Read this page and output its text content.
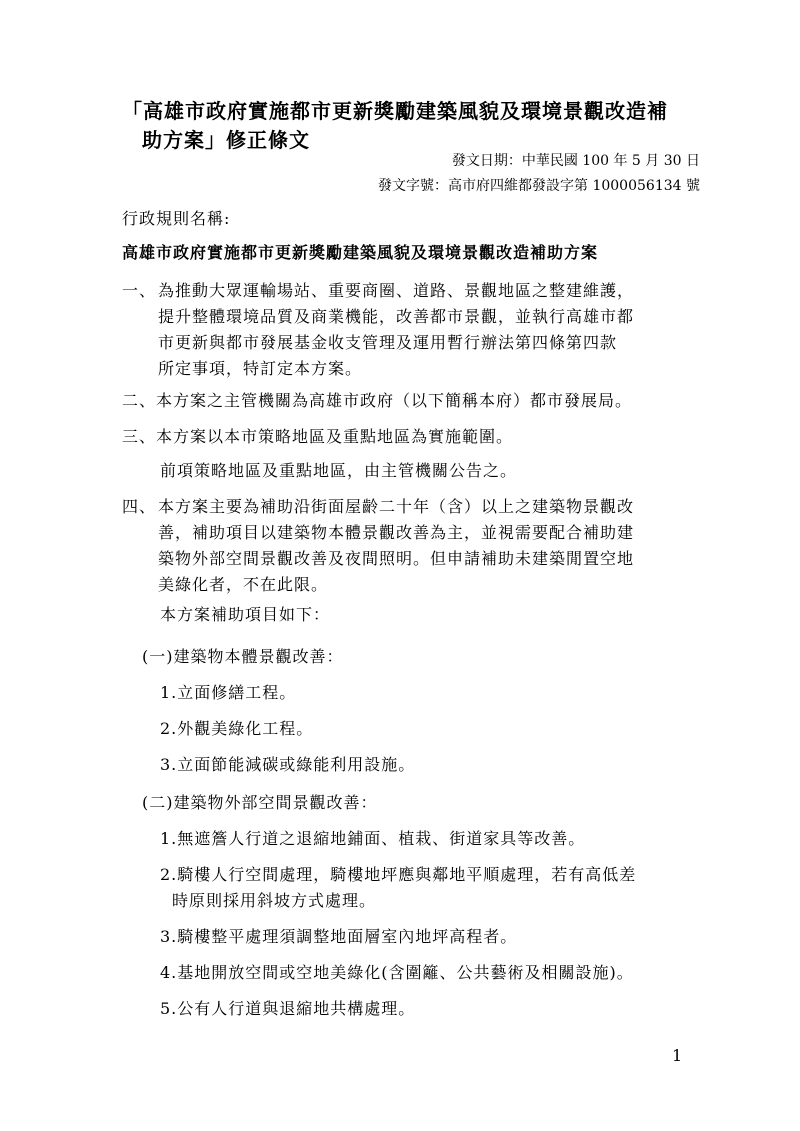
「高雄市政府實施都市更新獎勵建築風貌及環境景觀改造補
助方案」修正條文
發文日期：中華民國 100 年 5 月 30 日
發文字號：高市府四維都發設字第 1000056134 號
行政規則名稱:
高雄市政府實施都市更新獎勵建築風貌及環境景觀改造補助方案
一、 為推動大眾運輸場站、重要商圈、道路、景觀地區之整建維護，
提升整體環境品質及商業機能，改善都市景觀，並執行高雄市都
市更新與都市發展基金收支管理及運用暫行辦法第四條第四款
所定事項，特訂定本方案。
二、本方案之主管機關為高雄市政府（以下簡稱本府）都市發展局。
三、本方案以本市策略地區及重點地區為實施範圍。
前項策略地區及重點地區，由主管機關公告之。
四、 本方案主要為補助沿街面屋齡二十年（含）以上之建築物景觀改
善，補助項目以建築物本體景觀改善為主，並視需要配合補助建
築物外部空間景觀改善及夜間照明。但申請補助未建築閒置空地
美綠化者，不在此限。
本方案補助項目如下：
(一)建築物本體景觀改善：
1.立面修繕工程。
2.外觀美綠化工程。
3.立面節能減碳或綠能利用設施。
(二)建築物外部空間景觀改善：
1.無遮簷人行道之退縮地鋪面、植栽、街道家具等改善。
2.騎樓人行空間處理，騎樓地坪應與鄰地平順處理，若有高低差
時原則採用斜坡方式處理。
3.騎樓整平處理須調整地面層室內地坪高程者。
4.基地開放空間或空地美綠化(含圍籬、公共藝術及相關設施)。
5.公有人行道與退縮地共構處理。
1
